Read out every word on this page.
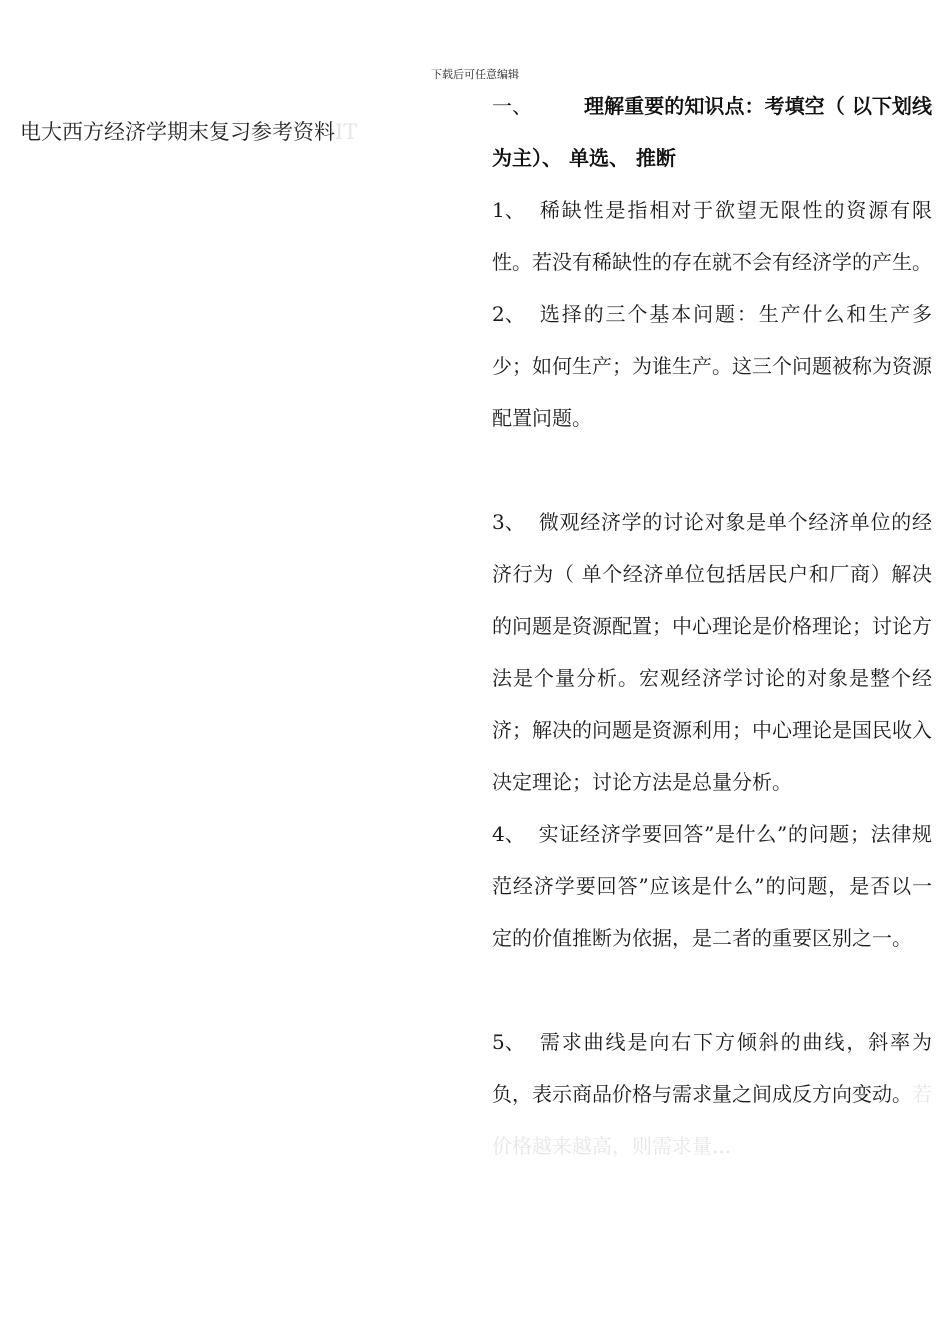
下载后可任意编辑
电大西方经济学期末复习参考资料IT
一、	理解重要的知识点：考填空（ 以下划线为主）、 单选、 推断

1、 稀缺性是指相对于欲望无限性的资源有限性。若没有稀缺性的存在就不会有经济学的产生。

2、 选择的三个基本问题：生产什么和生产多少；如何生产；为谁生产。这三个问题被称为资源配置问题。

3、 微观经济学的讨论对象是单个经济单位的经济行为（ 单个经济单位包括居民户和厂商）解决的问题是资源配置；中心理论是价格理论；讨论方法是个量分析。宏观经济学讨论的对象是整个经济；解决的问题是资源利用；中心理论是国民收入决定理论；讨论方法是总量分析。

4、 实证经济学要回答”是什么”的问题；法律规范经济学要回答”应该是什么”的问题，是否以一定的价值推断为依据，是二者的重要区别之一。

5、 需求曲线是向右下方倾斜的曲线，斜率为负，表示商品价格与需求量之间成反方向变动。若价格越来越高，则需求量...
